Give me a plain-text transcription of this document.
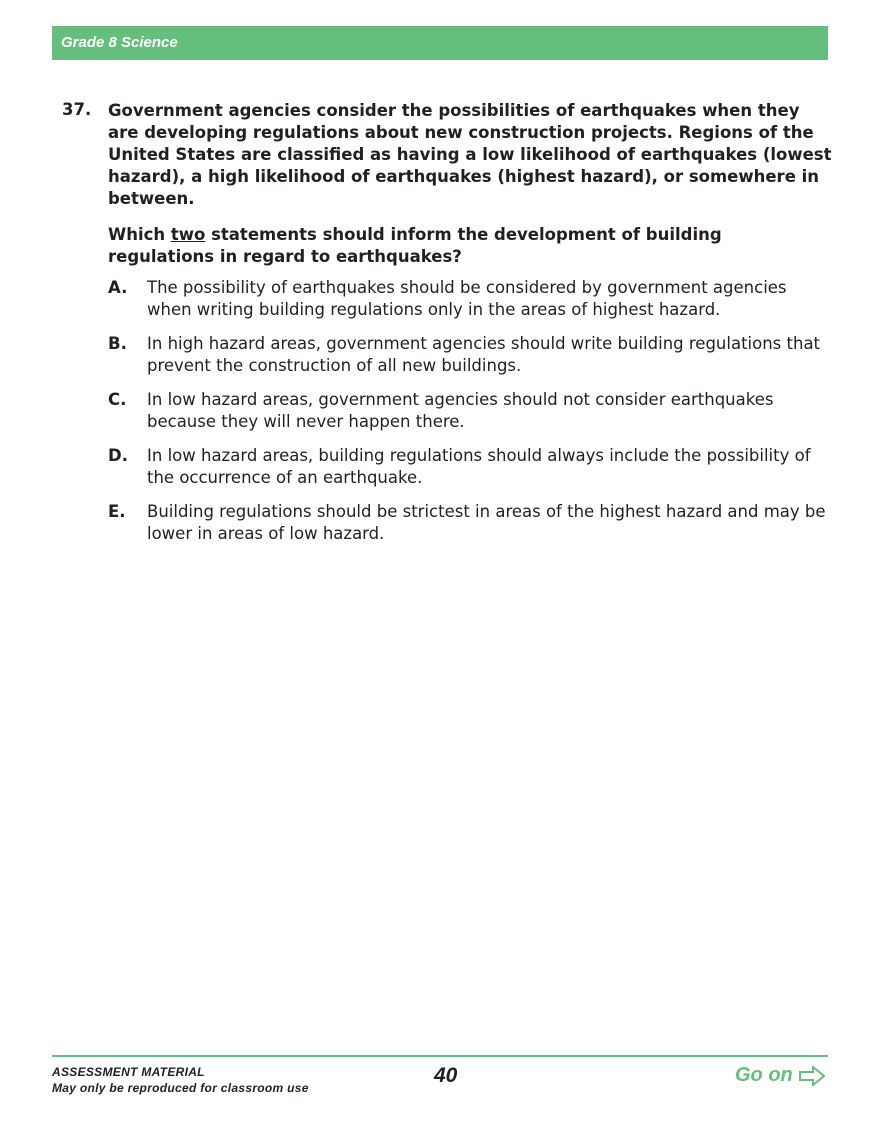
Grade 8 Science
37. Government agencies consider the possibilities of earthquakes when they are developing regulations about new construction projects. Regions of the United States are classified as having a low likelihood of earthquakes (lowest hazard), a high likelihood of earthquakes (highest hazard), or somewhere in between.

Which two statements should inform the development of building regulations in regard to earthquakes?

A. The possibility of earthquakes should be considered by government agencies when writing building regulations only in the areas of highest hazard.
B. In high hazard areas, government agencies should write building regulations that prevent the construction of all new buildings.
C. In low hazard areas, government agencies should not consider earthquakes because they will never happen there.
D. In low hazard areas, building regulations should always include the possibility of the occurrence of an earthquake.
E. Building regulations should be strictest in areas of the highest hazard and may be lower in areas of low hazard.
ASSESSMENT MATERIAL
May only be reproduced for classroom use
40	Go on
